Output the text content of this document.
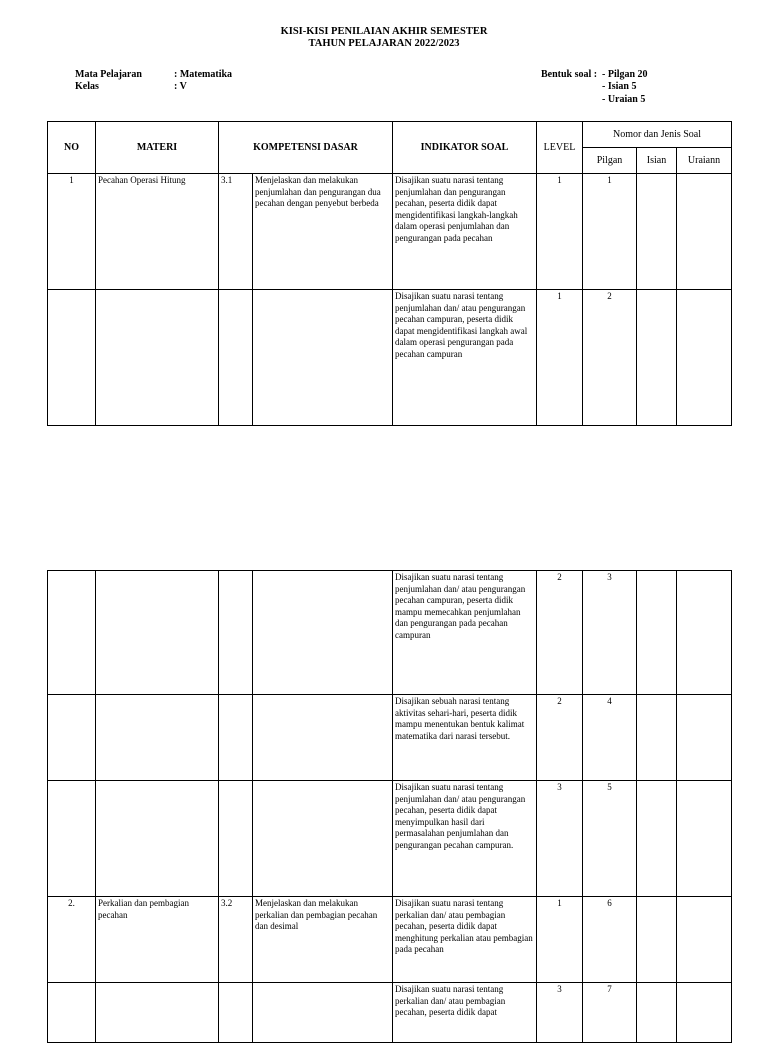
KISI-KISI PENILAIAN AKHIR SEMESTER
TAHUN PELAJARAN 2022/2023
Mata Pelajaran	: Matematika
Kelas	: V
Bentuk soal : - Pilgan 20
- Isian 5
- Uraian 5
NO	MATERI	KOMPETENSI DASAR		INDIKATOR SOAL	LEVEL	Nomor dan Jenis Soal		
						Pilgan	Isian	Uraiann
1	Pecahan Operasi Hitung	3.1	Menjelaskan dan melakukan penjumlahan dan pengurangan dua pecahan dengan penyebut berbeda	Disajikan suatu narasi tentang penjumlahan dan pengurangan pecahan, peserta didik dapat mengidentifikasi langkah-langkah dalam operasi penjumlahan dan pengurangan pada pecahan	1	1		
				Disajikan suatu narasi tentang penjumlahan dan/ atau pengurangan pecahan campuran, peserta didik dapat mengidentifikasi langkah awal dalam operasi pengurangan pada pecahan campuran	1	2		
				Disajikan suatu narasi tentang penjumlahan dan/ atau pengurangan pecahan campuran, peserta didik mampu memecahkan penjumlahan dan pengurangan pada pecahan campuran	2	3		
				Disajikan sebuah narasi tentang aktivitas sehari-hari, peserta didik mampu menentukan bentuk kalimat matematika dari narasi tersebut.	2	4		
				Disajikan suatu narasi tentang penjumlahan dan/ atau pengurangan pecahan, peserta didik dapat menyimpulkan hasil dari permasalahan penjumlahan dan pengurangan pecahan campuran.	3	5		
2.	Perkalian dan pembagian pecahan	3.2	Menjelaskan dan melakukan perkalian dan pembagian pecahan dan desimal	Disajikan suatu narasi tentang perkalian dan/ atau pembagian pecahan, peserta didik dapat menghitung perkalian atau pembagian pada pecahan	1	6		
				Disajikan suatu narasi tentang perkalian dan/ atau pembagian pecahan, peserta didik dapat	3	7		
